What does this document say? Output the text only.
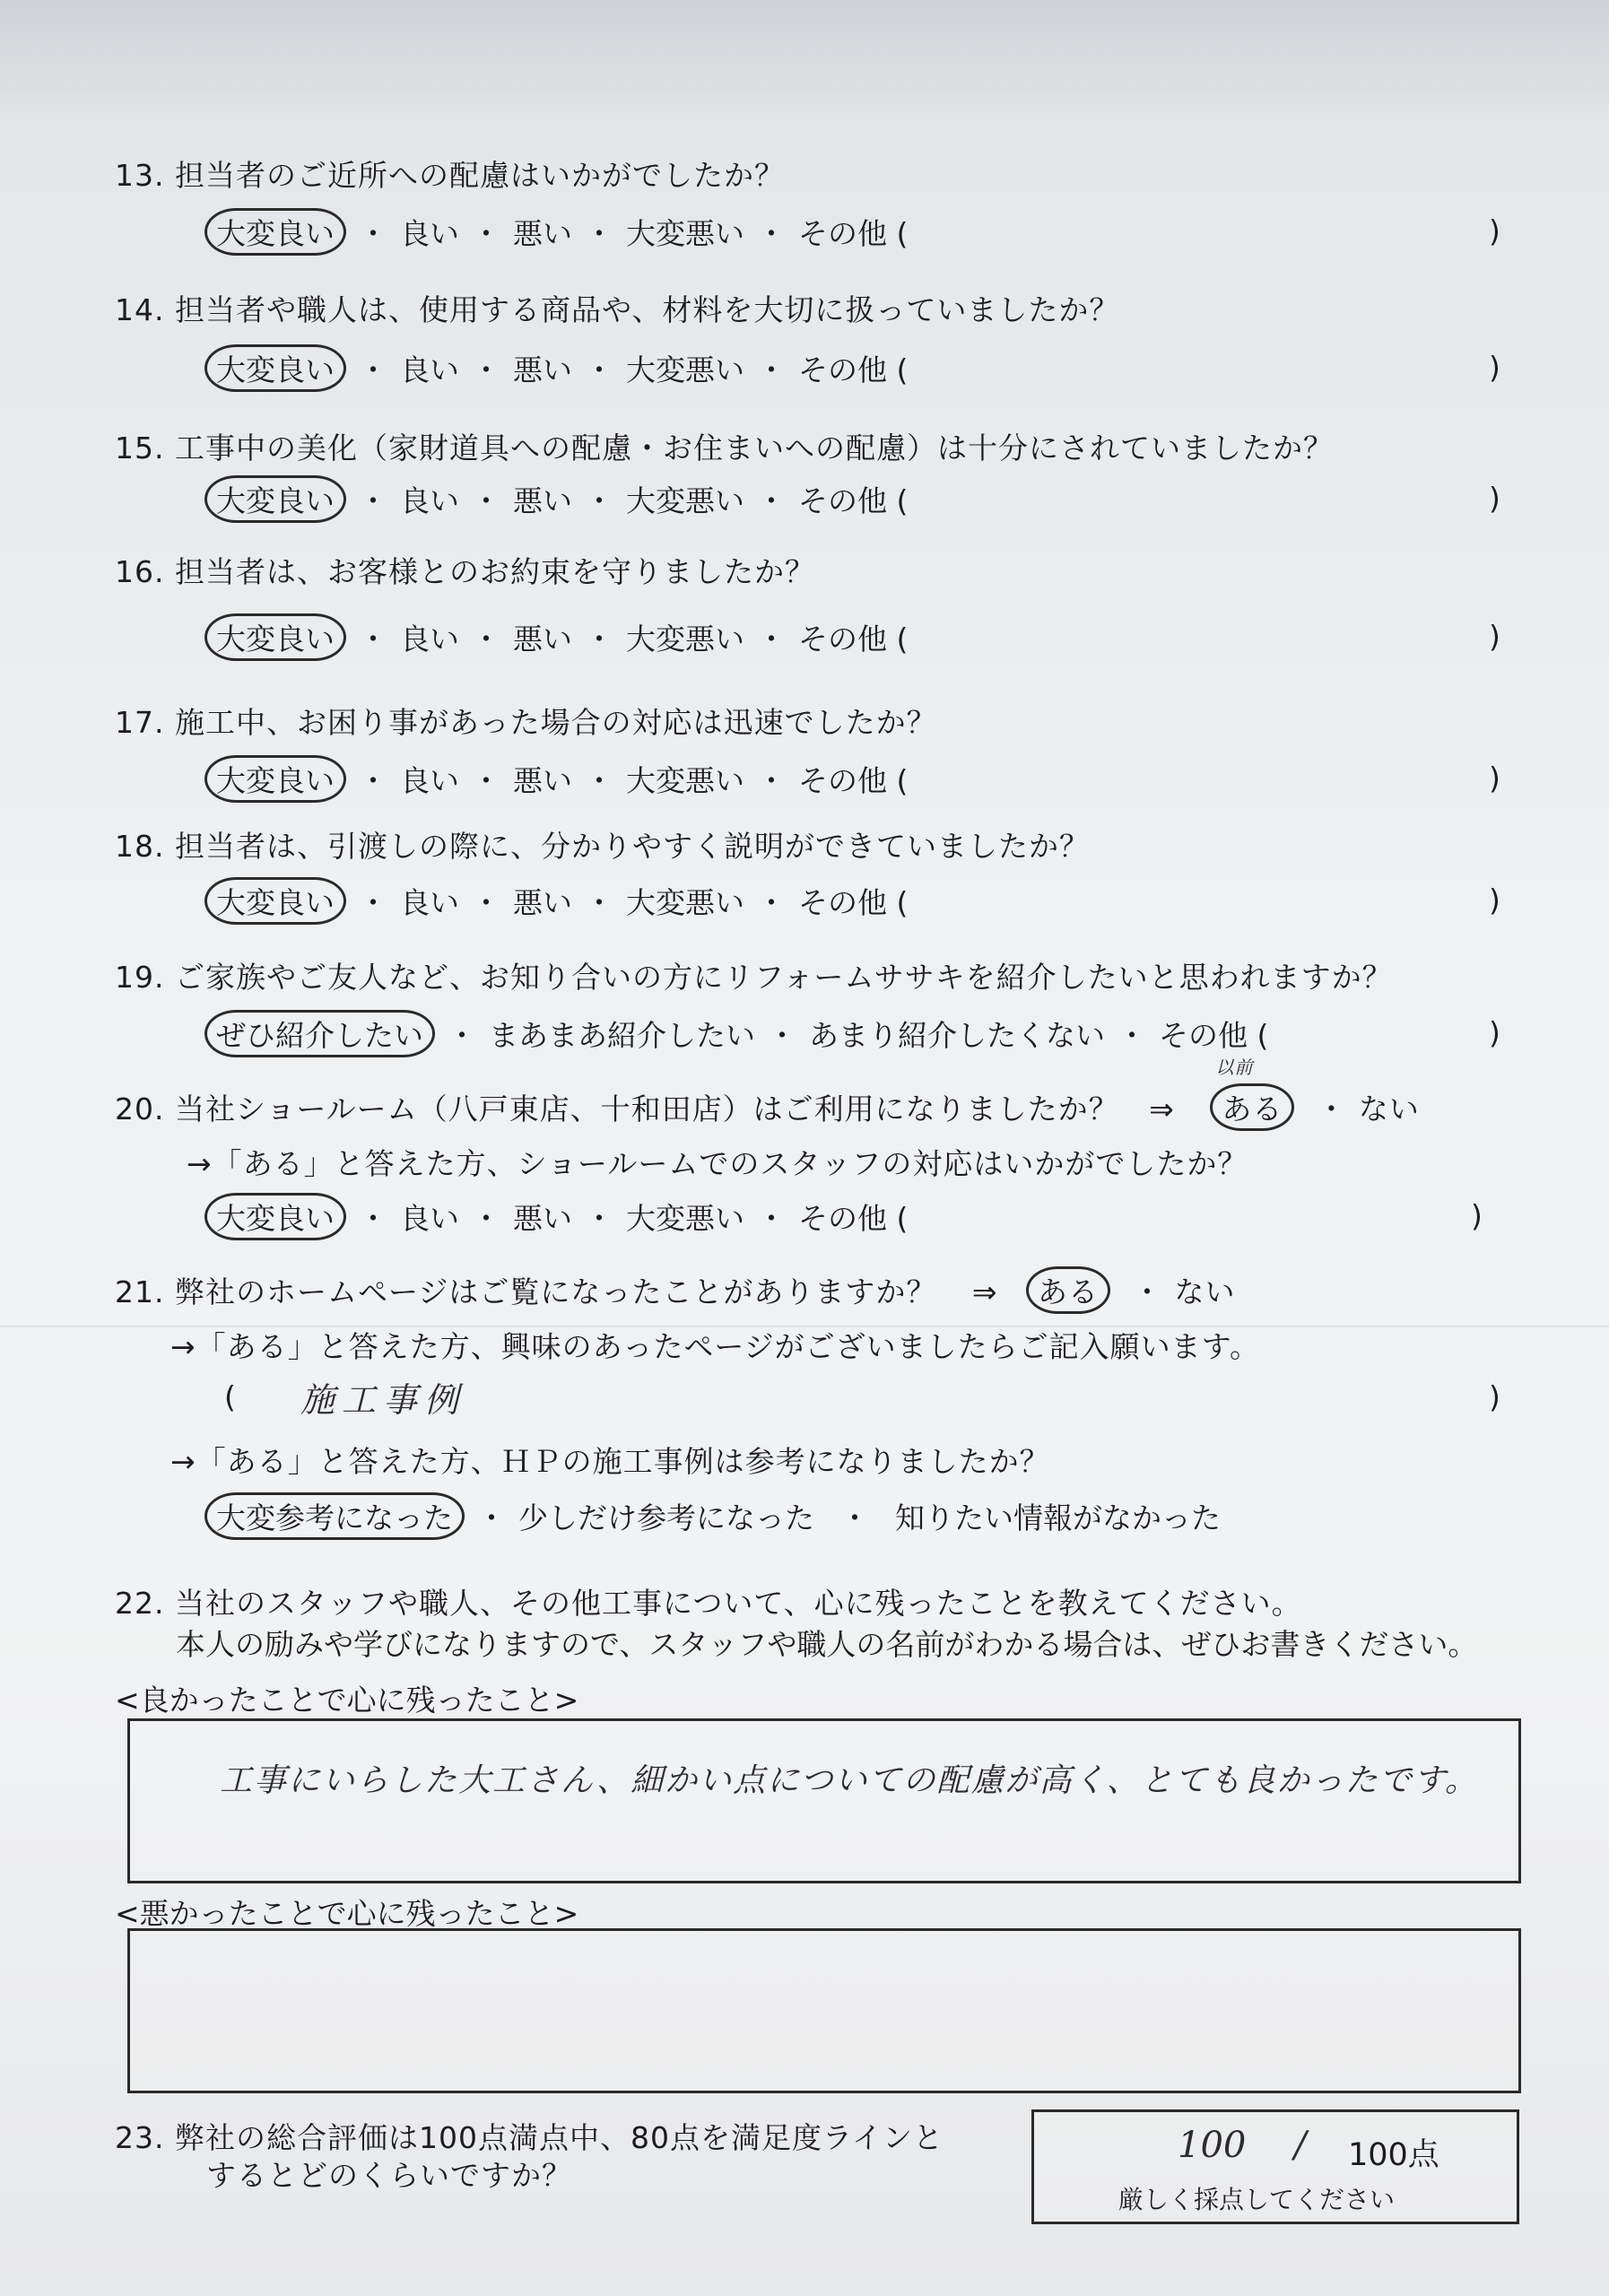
13. 担当者のご近所への配慮はいかがでしたか？
大変良い ・ 良い ・ 悪い ・ 大変悪い ・ その他 (	)
14. 担当者や職人は、使用する商品や、材料を大切に扱っていましたか？
大変良い ・ 良い ・ 悪い ・ 大変悪い ・ その他 (	)
15. 工事中の美化（家財道具への配慮・お住まいへの配慮）は十分にされていましたか？
大変良い ・ 良い ・ 悪い ・ 大変悪い ・ その他 (	)
16. 担当者は、お客様とのお約束を守りましたか？
大変良い ・ 良い ・ 悪い ・ 大変悪い ・ その他 (	)
17. 施工中、お困り事があった場合の対応は迅速でしたか？
大変良い ・ 良い ・ 悪い ・ 大変悪い ・ その他 (	)
18. 担当者は、引渡しの際に、分かりやすく説明ができていましたか？
大変良い ・ 良い ・ 悪い ・ 大変悪い ・ その他 (	)
19. ご家族やご友人など、お知り合いの方にリフォームササキを紹介したいと思われますか？
ぜひ紹介したい ・ まあまあ紹介したい ・ あまり紹介したくない ・ その他 (	)
20. 当社ショールーム（八戸東店、十和田店）はご利用になりましたか？ ⇒
以前
ある ・ ない
→「ある」と答えた方、ショールームでのスタッフの対応はいかがでしたか？
大変良い ・ 良い ・ 悪い ・ 大変悪い ・ その他 (	)
21. 弊社のホームページはご覧になったことがありますか？ ⇒ ある ・ ない
→「ある」と答えた方、興味のあったページがございましたらご記入願います。
( 施工事例	)
→「ある」と答えた方、ＨＰの施工事例は参考になりましたか？
大変参考になった ・ 少しだけ参考になった ・ 知りたい情報がなかった
22. 当社のスタッフや職人、その他工事について、心に残ったことを教えてください。
本人の励みや学びになりますので、スタッフや職人の名前がわかる場合は、ぜひお書きください。
<良かったことで心に残ったこと>
工事にいらした大工さん、細かい点についての配慮が高く、とても良かったです。
<悪かったことで心に残ったこと>
23. 弊社の総合評価は100点満点中、80点を満足度ラインと
するとどのくらいですか？
100 / 100点
厳しく採点してください
